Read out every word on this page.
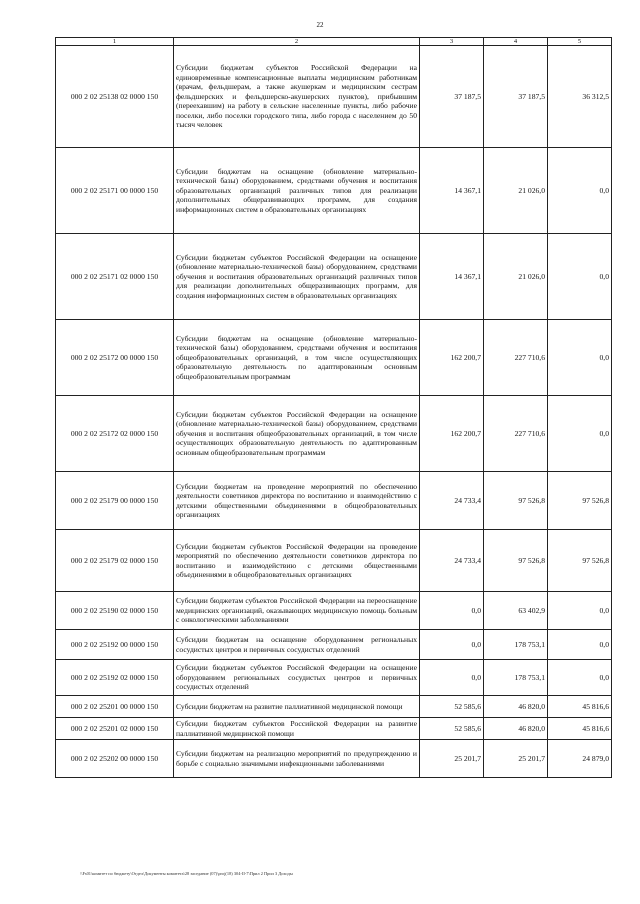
22
1	2	3	4	5
000 2 02 25138 02 0000 150	Субсидии бюджетам субъектов Российской Федерации на единовременные компенсационные выплаты медицинским работникам (врачам, фельдшерам, а также акушеркам и медицинским сестрам фельдшерских и фельдшерско-акушерских пунктов), прибывшим (переехавшим) на работу в сельские населенные пункты, либо рабочие поселки, либо поселки городского типа, либо города с населением до 50 тысяч человек	37 187,5	37 187,5	36 312,5
000 2 02 25171 00 0000 150	Субсидии бюджетам на оснащение (обновление материально-технической базы) оборудованием, средствами обучения и воспитания образовательных организаций различных типов для реализации дополнительных общеразвивающих программ, для создания информационных систем в образовательных организациях	14 367,1	21 026,0	0,0
000 2 02 25171 02 0000 150	Субсидии бюджетам субъектов Российской Федерации на оснащение (обновление материально-технической базы) оборудованием, средствами обучения и воспитания образовательных организаций различных типов для реализации дополнительных общеразвивающих программ, для создания информационных систем в образовательных организациях	14 367,1	21 026,0	0,0
000 2 02 25172 00 0000 150	Субсидии бюджетам на оснащение (обновление материально-технической базы) оборудованием, средствами обучения и воспитания общеобразовательных организаций, в том числе осуществляющих образовательную деятельность по адаптированным основным общеобразовательным программам	162 200,7	227 710,6	0,0
000 2 02 25172 02 0000 150	Субсидии бюджетам субъектов Российской Федерации на оснащение (обновление материально-технической базы) оборудованием, средствами обучения и воспитания общеобразовательных организаций, в том числе осуществляющих образовательную деятельность по адаптированным основным общеобразовательным программам	162 200,7	227 710,6	0,0
000 2 02 25179 00 0000 150	Субсидии бюджетам на проведение мероприятий по обеспечению деятельности советников директора по воспитанию и взаимодействию с детскими общественными объединениями в общеобразовательных организациях	24 733,4	97 526,8	97 526,8
000 2 02 25179 02 0000 150	Субсидии бюджетам субъектов Российской Федерации на проведение мероприятий по обеспечению деятельности советников директора по воспитанию и взаимодействию с детскими общественными объединениями в общеобразовательных организациях	24 733,4	97 526,8	97 526,8
000 2 02 25190 02 0000 150	Субсидии бюджетам субъектов Российской Федерации на переоснащение медицинских организаций, оказывающих медицинскую помощь больным с онкологическими заболеваниями	0,0	63 402,9	0,0
000 2 02 25192 00 0000 150	Субсидии бюджетам на оснащение оборудованием региональных сосудистых центров и первичных сосудистых отделений	0,0	178 753,1	0,0
000 2 02 25192 02 0000 150	Субсидии бюджетам субъектов Российской Федерации на оснащение оборудованием региональных сосудистых центров и первичных сосудистых отделений	0,0	178 753,1	0,0
000 2 02 25201 00 0000 150	Субсидии бюджетам на развитие паллиативной медицинской помощи	52 585,6	46 820,0	45 816,6
000 2 02 25201 02 0000 150	Субсидии бюджетам субъектов Российской Федерации на развитие паллиативной медицинской помощи	52 585,6	46 820,0	45 816,6
000 2 02 25202 00 0000 150	Субсидии бюджетам на реализацию мероприятий по предупреждению и борьбе с социально значимыми инфекционными заболеваниями	25 201,7	25 201,7	24 879,0
\\Fs01\комитет по бюджету\Отдел\Документы комитета\28 заседание (07)\proj(18) 304-II-7\Прил 2 Прил 3 Доходы
